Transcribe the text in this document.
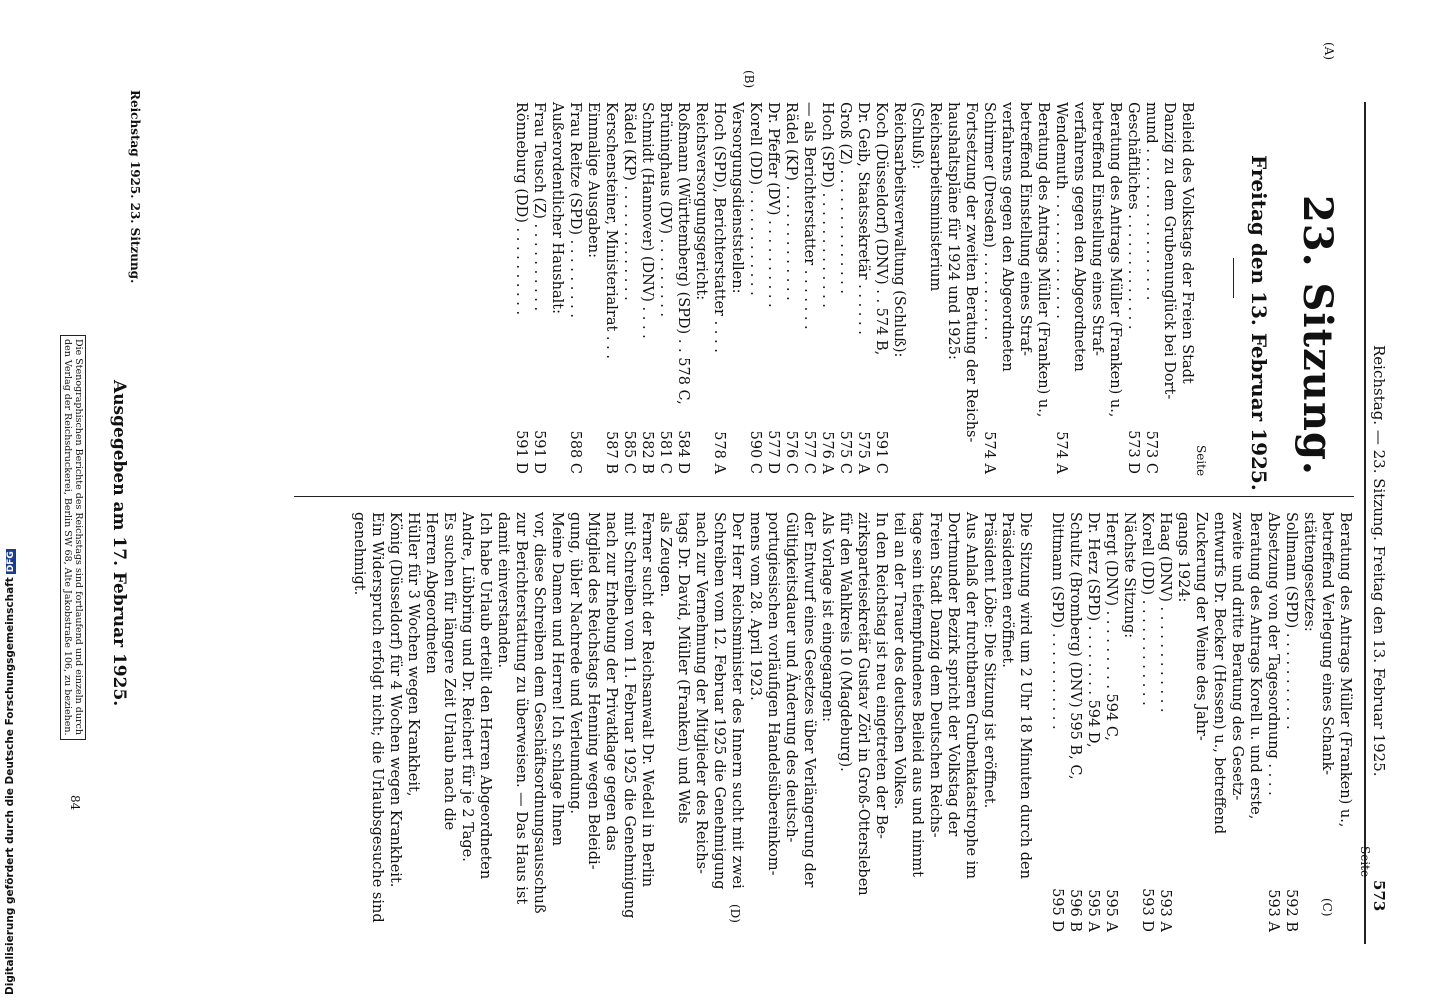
(A)
Reichstag. — 23. Sitzung. Freitag den 13. Februar 1925.
573
23. Sitzung.
Freitag den 13. Februar 1925.
Seite
Beileid des Volkstags der Freien Stadt
Danzig zu dem Grubenunglück bei Dort-
mund . . . . . . . . . . . . . . . . .
573 C
Geschäftliches . . . . . . . . . . . . .
573 D
Beratung des Antrags Müller (Franken) u.,
betreffend Einstellung eines Straf-
verfahrens gegen den Abgeordneten
Wendemuth . . . . . . . . . . . . . .
574 A
Beratung des Antrags Müller (Franken) u.,
betreffend Einstellung eines Straf-
verfahrens gegen den Abgeordneten
Schirmer (Dresden) . . . . . . . . . .
574 A
Fortsetzung der zweiten Beratung der Reichs-
haushaltspläne für 1924 und 1925:
Reichsarbeitsministerium
(Schluß):
Reichsarbeitsverwaltung (Schluß):
Koch (Düsseldorf) (DNV) . . 574 B,
591 C
Dr. Geib, Staatssekretär . . . . . .
575 A
Groß (Z) . . . . . . . . . . . . . .
575 C
Hoch (SPD) . . . . . . . . . . . . .
576 A
— als Berichterstatter . . . . . . .
577 C
Rädel (KP) . . . . . . . . . . . . .
576 C
Dr. Pfeffer (DV) . . . . . . . . . .
577 D
Korell (DD) . . . . . . . . . . . .
590 C
Versorgungsdienststellen:
Hoch (SPD), Berichterstatter . . . .
578 A
Reichsversorgungsgericht:
Roßmann (Württemberg) (SPD) . . 578 C,
584 D
Brüninghaus (DV) . . . . . . . . .
581 C
Schmidt (Hannover) (DNV) . . . .
582 B
Rädel (KP) . . . . . . . . . . . . .
585 C
Kerschensteiner, Ministerialrat . . .
587 B
Einmalige Ausgaben:
Frau Reitze (SPD) . . . . . . . . .
588 C
Außerordentlicher Haushalt:
Frau Teusch (Z) . . . . . . . . . .
591 D
Rönneburg (DD) . . . . . . . . . .
591 D
(B)
Seite
(C)
Beratung des Antrags Müller (Franken) u.,
betreffend Verlegung eines Schank-
stättengesetzes:
Sollmann (SPD) . . . . . . . . . . .
592 B
Absetzung von der Tagesordnung . . . .
593 A
Beratung des Antrags Korell u. und erste,
zweite und dritte Beratung des Gesetz-
entwurfs Dr. Becker (Hessen) u., betreffend
Zuckerung der Weine des Jahr-
gangs 1924:
Haag (DNV) . . . . . . . . . . . .
593 A
Korell (DD) . . . . . . . . . . . .
593 D
Nächste Sitzung:
Hergt (DNV) . . . . . . . . . 594 C,
595 A
Dr. Herz (SPD) . . . . . . . . 594 D,
595 A
Schultz (Bromberg) (DNV) 595 B, C,
596 B
Dittmann (SPD) . . . . . . . . . . .
595 D
Die Sitzung wird um 2 Uhr 18 Minuten durch den
Präsidenten eröffnet.
Präsident Löbe: Die Sitzung ist eröffnet.
Aus Anlaß der furchtbaren Grubenkatastrophe im
Dortmunder Bezirk spricht der Volkstag der
Freien Stadt Danzig dem Deutschen Reichs-
tage sein tiefempfundenes Beileid aus und nimmt
teil an der Trauer des deutschen Volkes.
In den Reichstag ist neu eingetreten der Be-
zirksparteisekretär Gustav Zörl in Groß-Ottersleben
für den Wahlkreis 10 (Magdeburg).
Als Vorlage ist eingegangen:
der Entwurf eines Gesetzes über Verlängerung der
Gültigkeitsdauer und Änderung des deutsch-
portugiesischen vorläufigen Handelsübereinkom-
mens vom 28. April 1923.
Der Herr Reichsminister des Innern sucht mit zwei
Schreiben vom 12. Februar 1925 die Genehmigung
nach zur Vernehmung der Mitglieder des Reichs-
tags Dr. David, Müller (Franken) und Wels
als Zeugen.
Ferner sucht der Reichsanwalt Dr. Wedell in Berlin
mit Schreiben vom 11. Februar 1925 die Genehmigung
nach zur Erhebung der Privatklage gegen das
Mitglied des Reichstags Henning wegen Beleidi-
gung, übler Nachrede und Verleumdung.
Meine Damen und Herren! Ich schlage Ihnen
vor, diese Schreiben dem Geschäftsordnungsausschuß
zur Berichterstattung zu überweisen. — Das Haus ist
damit einverstanden.
Ich habe Urlaub erteilt den Herren Abgeordneten
Andre, Lübbring und Dr. Reichert für je 2 Tage.
Es suchen für längere Zeit Urlaub nach die
Herren Abgeordneten
Hüller für 3 Wochen wegen Krankheit,
König (Düsseldorf) für 4 Wochen wegen Krankheit.
Ein Widerspruch erfolgt nicht; die Urlaubsgesuche sind
genehmigt.
(D)
Reichstag 1925. 23. Sitzung.
Die Stenographischen Berichte des Reichstags sind fortlaufend und einzeln durch
den Verlag der Reichsdruckerei, Berlin SW 68, Alte Jakobstraße 106, zu beziehen. Ausgegeben am 17. Februar 1925.
84
Digitalisierung gefördert durch die Deutsche ForschungsgemeinschaftDFG
